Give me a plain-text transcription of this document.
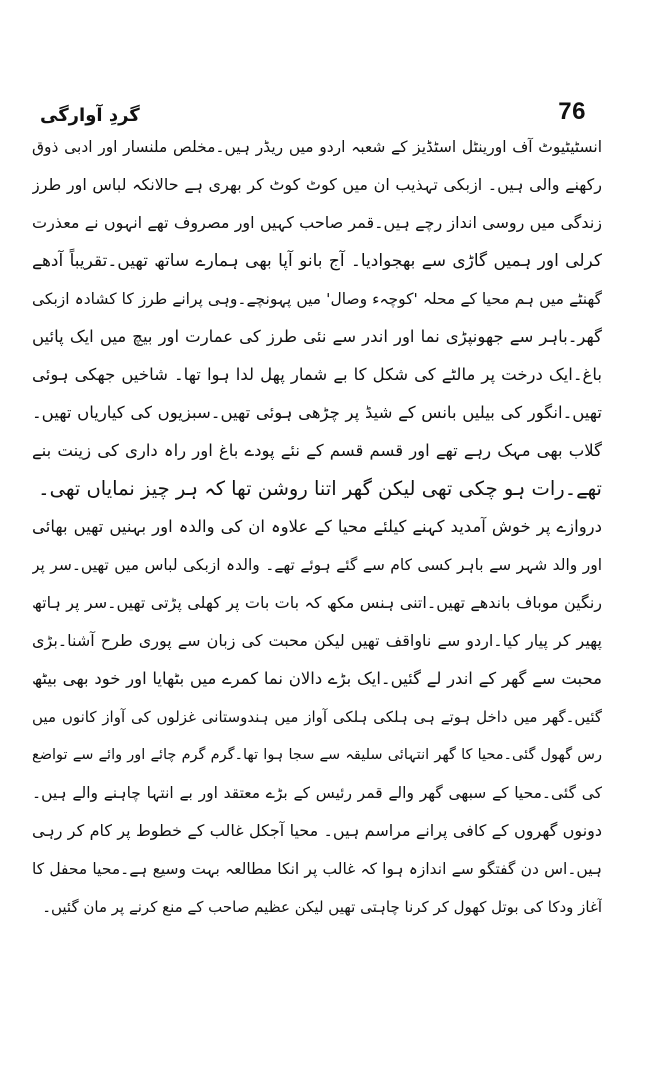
گردِ آوارگی	76
انسٹیٹیوٹ آف اورینٹل اسٹڈیز کے شعبہ اردو میں ریڈر ہیں۔مخلص ملنسار اور ادبی ذوق
رکھنے والی ہیں۔ ازبکی تہذیب ان میں کوٹ کوٹ کر بھری ہے حالانکہ لباس اور طرز
زندگی میں روسی انداز رچے ہیں۔قمر صاحب کہیں اور مصروف تھے انہوں نے معذرت
کرلی اور ہمیں گاڑی سے بھجوادیا۔ آج بانو آپا بھی ہمارے ساتھ تھیں۔تقریباً آدھے
گھنٹے میں ہم محیا کے محلہ 'کوچہء وصال' میں پہونچے۔وہی پرانے طرز کا کشادہ ازبکی
گھر۔باہر سے جھونپڑی نما اور اندر سے نئی طرز کی عمارت اور بیچ میں ایک پائیں
باغ۔ایک درخت پر مالٹے کی شکل کا بے شمار پھل لدا ہوا تھا۔ شاخیں جھکی ہوئی
تھیں۔انگور کی بیلیں بانس کے شیڈ پر چڑھی ہوئی تھیں۔سبزیوں کی کیاریاں تھیں۔
گلاب بھی مہک رہے تھے اور قسم قسم کے نئے پودے باغ اور راہ داری کی زینت بنے
تھے۔رات ہو چکی تھی لیکن گھر اتنا روشن تھا کہ ہر چیز نمایاں تھی۔
دروازے پر خوش آمدید کہنے کیلئے محیا کے علاوہ ان کی والدہ اور بہنیں تھیں بھائی
اور والد شہر سے باہر کسی کام سے گئے ہوئے تھے۔ والدہ ازبکی لباس میں تھیں۔سر پر
رنگین موباف باندھے تھیں۔اتنی ہنس مکھ کہ بات بات پر کھلی پڑتی تھیں۔سر پر ہاتھ
پھیر کر پیار کیا۔اردو سے ناواقف تھیں لیکن محبت کی زبان سے پوری طرح آشنا۔بڑی
محبت سے گھر کے اندر لے گئیں۔ایک بڑے دالان نما کمرے میں بٹھایا اور خود بھی بیٹھ
گئیں۔گھر میں داخل ہوتے ہی ہلکی ہلکی آواز میں ہندوستانی غزلوں کی آواز کانوں میں
رس گھول گئی۔محیا کا گھر انتہائی سلیقہ سے سجا ہوا تھا۔گرم گرم چائے اور وائے سے تواضع
کی گئی۔محیا کے سبھی گھر والے قمر رئیس کے بڑے معتقد اور بے انتہا چاہنے والے ہیں۔
دونوں گھروں کے کافی پرانے مراسم ہیں۔ محیا آجکل غالب کے خطوط پر کام کر رہی
ہیں۔اس دن گفتگو سے اندازہ ہوا کہ غالب پر انکا مطالعہ بہت وسیع ہے۔محیا محفل کا
آغاز ودکا کی بوتل کھول کر کرنا چاہتی تھیں لیکن عظیم صاحب کے منع کرنے پر مان گئیں۔
